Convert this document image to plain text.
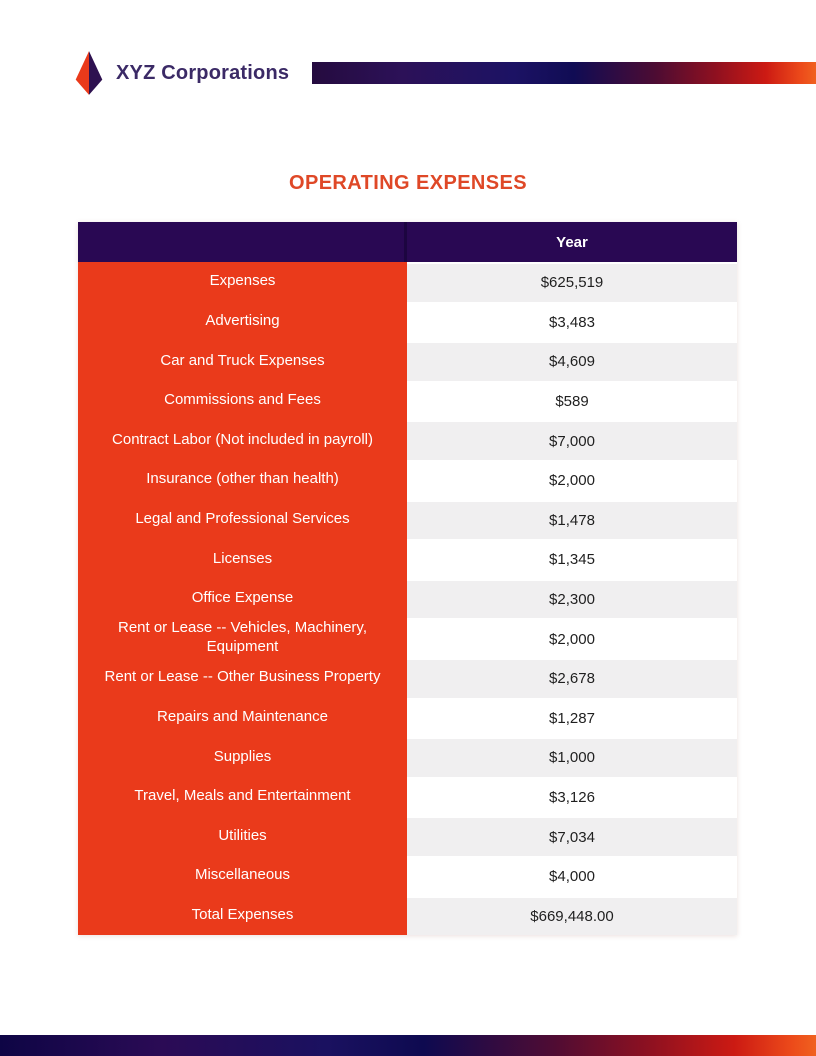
XYZ Corporations
OPERATING EXPENSES
Year
Expenses	$625,519
Advertising	$3,483
Car and Truck Expenses	$4,609
Commissions and Fees	$589
Contract Labor (Not included in payroll)	$7,000
Insurance (other than health)	$2,000
Legal and Professional Services	$1,478
Licenses	$1,345
Office Expense	$2,300
Rent or Lease -- Vehicles, Machinery, Equipment	$2,000
Rent or Lease -- Other Business Property	$2,678
Repairs and Maintenance	$1,287
Supplies	$1,000
Travel, Meals and Entertainment	$3,126
Utilities	$7,034
Miscellaneous	$4,000
Total Expenses	$669,448.00
